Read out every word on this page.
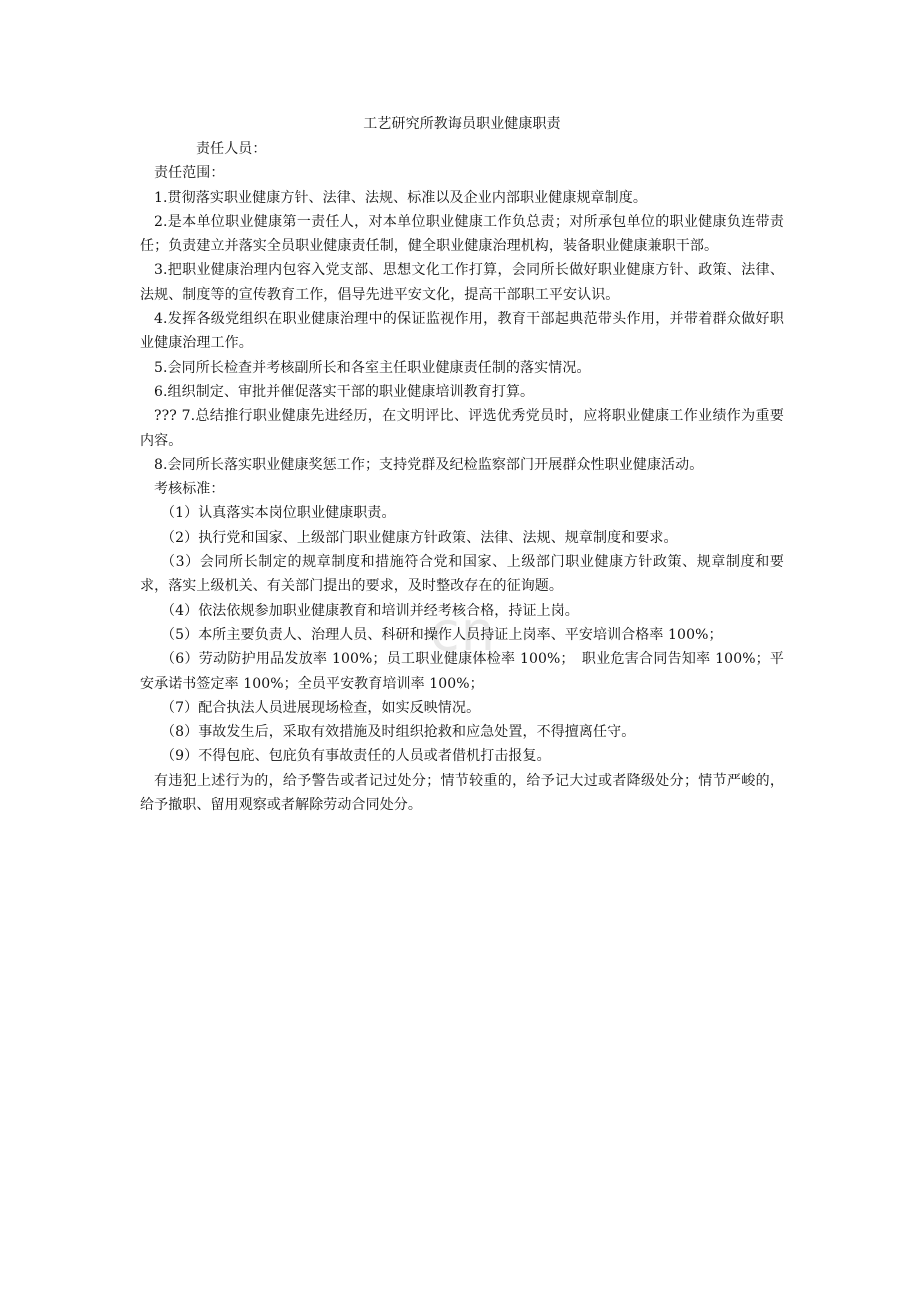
cn
工艺研究所教诲员职业健康职责

责任人员：

责任范围：

1.贯彻落实职业健康方针、法律、法规、标准以及企业内部职业健康规章制度。

2.是本单位职业健康第一责任人，对本单位职业健康工作负总责；对所承包单位的职业健康负连带责任；负责建立并落实全员职业健康责任制，健全职业健康治理机构，装备职业健康兼职干部。

3.把职业健康治理内包容入党支部、思想文化工作打算，会同所长做好职业健康方针、政策、法律、法规、制度等的宣传教育工作，倡导先进平安文化，提高干部职工平安认识。

4.发挥各级党组织在职业健康治理中的保证监视作用，教育干部起典范带头作用，并带着群众做好职业健康治理工作。

5.会同所长检查并考核副所长和各室主任职业健康责任制的落实情况。

6.组织制定、审批并催促落实干部的职业健康培训教育打算。

??? 7.总结推行职业健康先进经历，在文明评比、评选优秀党员时，应将职业健康工作业绩作为重要内容。

8.会同所长落实职业健康奖惩工作；支持党群及纪检监察部门开展群众性职业健康活动。

考核标准：

（1）认真落实本岗位职业健康职责。

（2）执行党和国家、上级部门职业健康方针政策、法律、法规、规章制度和要求。

（3）会同所长制定的规章制度和措施符合党和国家、上级部门职业健康方针政策、规章制度和要求，落实上级机关、有关部门提出的要求，及时整改存在的征询题。

（4）依法依规参加职业健康教育和培训并经考核合格，持证上岗。

（5）本所主要负责人、治理人员、科研和操作人员持证上岗率、平安培训合格率 100%；

（6）劳动防护用品发放率 100%；员工职业健康体检率 100%；　职业危害合同告知率 100%；平安承诺书签定率 100%；全员平安教育培训率 100%；

（7）配合执法人员进展现场检查，如实反映情况。

（8）事故发生后，采取有效措施及时组织抢救和应急处置，不得擅离任守。

（9）不得包庇、包庇负有事故责任的人员或者借机打击报复。

有违犯上述行为的，给予警告或者记过处分；情节较重的，给予记大过或者降级处分；情节严峻的，给予撤职、留用观察或者解除劳动合同处分。
